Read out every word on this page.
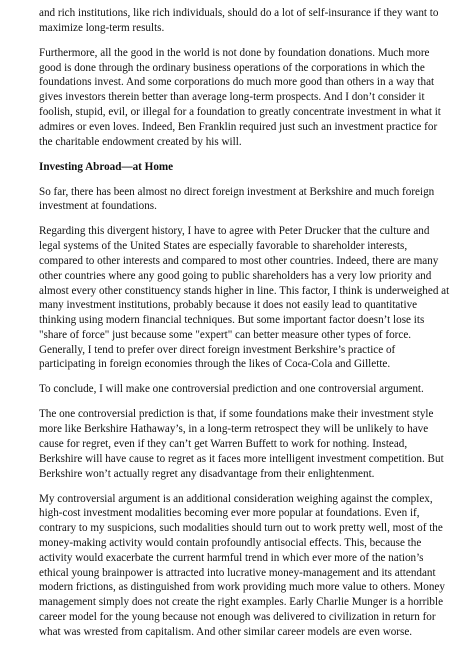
and rich institutions, like rich individuals, should do a lot of self-insurance if they want to maximize long-term results.

Furthermore, all the good in the world is not done by foundation donations. Much more good is done through the ordinary business operations of the corporations in which the foundations invest. And some corporations do much more good than others in a way that gives investors therein better than average long-term prospects. And I don’t consider it foolish, stupid, evil, or illegal for a foundation to greatly concentrate investment in what it admires or even loves. Indeed, Ben Franklin required just such an investment practice for the charitable endowment created by his will.

Investing Abroad—at Home

So far, there has been almost no direct foreign investment at Berkshire and much foreign investment at foundations.

Regarding this divergent history, I have to agree with Peter Drucker that the culture and legal systems of the United States are especially favorable to shareholder interests, compared to other interests and compared to most other countries. Indeed, there are many other countries where any good going to public shareholders has a very low priority and almost every other constituency stands higher in line. This factor, I think is underweighed at many investment institutions, probably because it does not easily lead to quantitative thinking using modern financial techniques. But some important factor doesn’t lose its "share of force" just because some "expert" can better measure other types of force. Generally, I tend to prefer over direct foreign investment Berkshire’s practice of participating in foreign economies through the likes of Coca-Cola and Gillette.

To conclude, I will make one controversial prediction and one controversial argument.

The one controversial prediction is that, if some foundations make their investment style more like Berkshire Hathaway’s, in a long-term retrospect they will be unlikely to have cause for regret, even if they can’t get Warren Buffett to work for nothing. Instead, Berkshire will have cause to regret as it faces more intelligent investment competition. But Berkshire won’t actually regret any disadvantage from their enlightenment.

My controversial argument is an additional consideration weighing against the complex, high-cost investment modalities becoming ever more popular at foundations. Even if, contrary to my suspicions, such modalities should turn out to work pretty well, most of the money-making activity would contain profoundly antisocial effects. This, because the activity would exacerbate the current harmful trend in which ever more of the nation’s ethical young brainpower is attracted into lucrative money-management and its attendant modern frictions, as distinguished from work providing much more value to others. Money management simply does not create the right examples. Early Charlie Munger is a horrible career model for the young because not enough was delivered to civilization in return for what was wrested from capitalism. And other similar career models are even worse.
